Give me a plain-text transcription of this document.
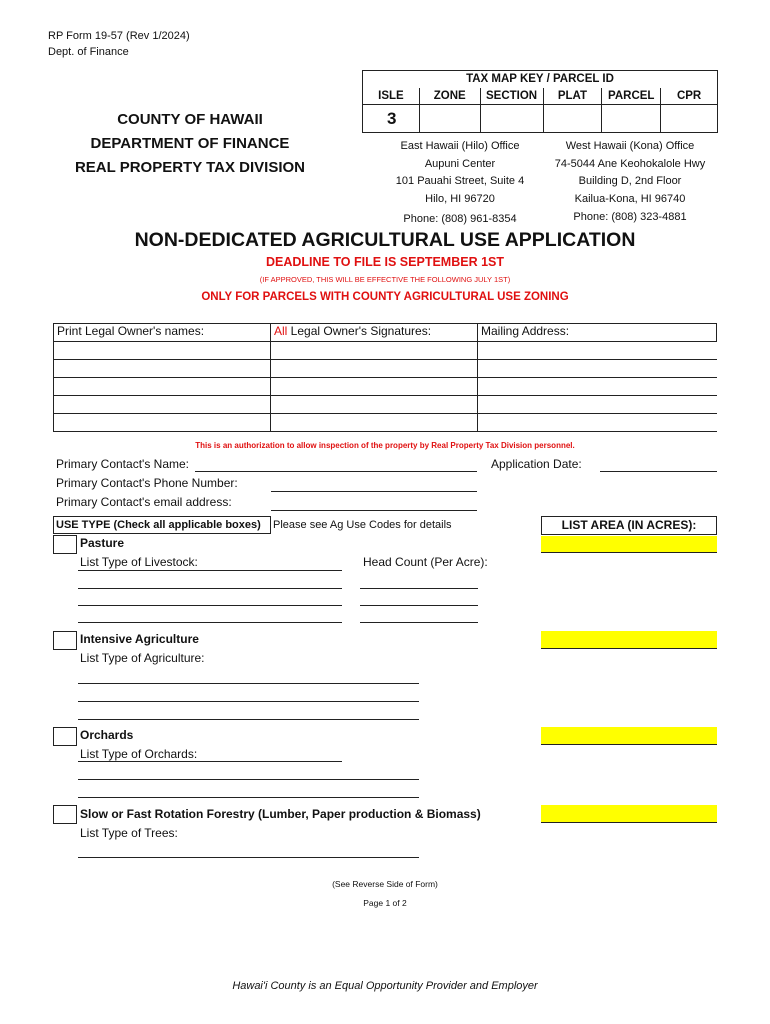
RP Form 19-57 (Rev 1/2024)
Dept. of Finance
COUNTY OF HAWAII
DEPARTMENT OF FINANCE
REAL PROPERTY TAX DIVISION
TAX MAP KEY / PARCEL ID					
ISLE	ZONE	SECTION	PLAT	PARCEL	CPR
3					
East Hawaii (Hilo) Office
Aupuni Center
101 Pauahi Street, Suite 4
Hilo, HI 96720
Phone: (808) 961-8354
West Hawaii (Kona) Office
74-5044 Ane Keohokalole Hwy
Building D, 2nd Floor
Kailua-Kona, HI 96740
Phone: (808) 323-4881
NON-DEDICATED AGRICULTURAL USE APPLICATION
DEADLINE TO FILE IS SEPTEMBER 1ST
(IF APPROVED, THIS WILL BE EFFECTIVE THE FOLLOWING JULY 1ST)
ONLY FOR PARCELS WITH COUNTY AGRICULTURAL USE ZONING
Print Legal Owner's names:	All Legal Owner's Signatures:	Mailing Address:

This is an authorization to allow inspection of the property by Real Property Tax Division personnel.
Primary Contact's Name:	Application Date:
Primary Contact's Phone Number:
Primary Contact's email address:
USE TYPE (Check all applicable boxes)	Please see Ag Use Codes for details	LIST AREA (IN ACRES):
Pasture
List Type of Livestock:	Head Count (Per Acre):
Intensive Agriculture
List Type of Agriculture:
Orchards
List Type of Orchards:
Slow or Fast Rotation Forestry (Lumber, Paper production & Biomass)
List Type of Trees:
(See Reverse Side of Form)
Page 1 of 2
Hawai'i County is an Equal Opportunity Provider and Employer
